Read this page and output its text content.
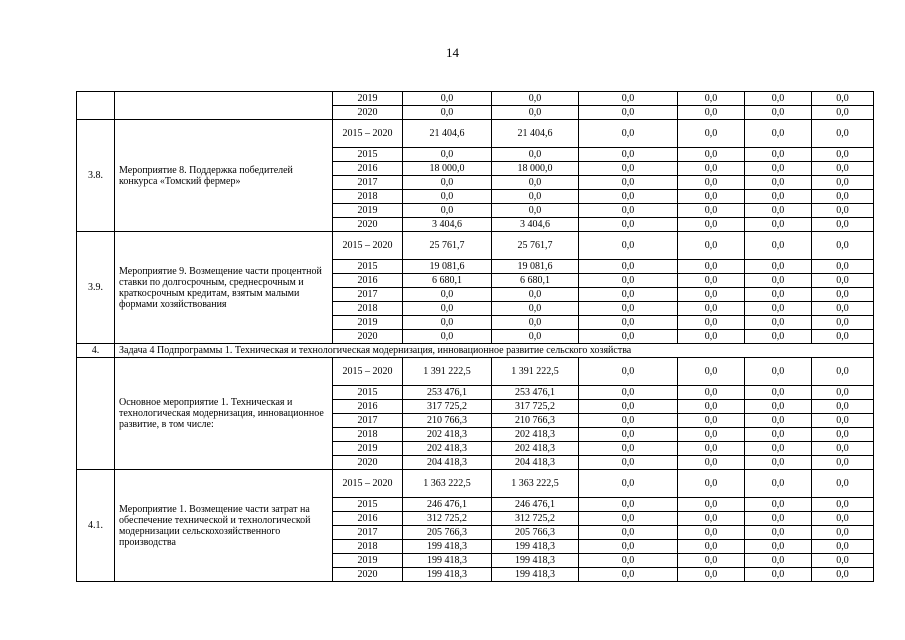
14
		2019	0,0	0,0	0,0	0,0	0,0	0,0
		2020	0,0	0,0	0,0	0,0	0,0	0,0
3.8.	Мероприятие 8. Поддержка победителей конкурса «Томский фермер»	2015 – 2020	21 404,6	21 404,6	0,0	0,0	0,0	0,0
		2015	0,0	0,0	0,0	0,0	0,0	0,0
		2016	18 000,0	18 000,0	0,0	0,0	0,0	0,0
		2017	0,0	0,0	0,0	0,0	0,0	0,0
		2018	0,0	0,0	0,0	0,0	0,0	0,0
		2019	0,0	0,0	0,0	0,0	0,0	0,0
		2020	3 404,6	3 404,6	0,0	0,0	0,0	0,0
3.9.	Мероприятие 9. Возмещение части процентной ставки по долгосрочным, среднесрочным и краткосрочным кредитам, взятым малыми формами хозяйствования	2015 – 2020	25 761,7	25 761,7	0,0	0,0	0,0	0,0
		2015	19 081,6	19 081,6	0,0	0,0	0,0	0,0
		2016	6 680,1	6 680,1	0,0	0,0	0,0	0,0
		2017	0,0	0,0	0,0	0,0	0,0	0,0
		2018	0,0	0,0	0,0	0,0	0,0	0,0
		2019	0,0	0,0	0,0	0,0	0,0	0,0
		2020	0,0	0,0	0,0	0,0	0,0	0,0
4.	Задача 4 Подпрограммы 1. Техническая и технологическая модернизация, инновационное развитие сельского хозяйства							
	Основное мероприятие 1. Техническая и технологическая модернизация, инновационное развитие, в том числе:	2015 – 2020	1 391 222,5	1 391 222,5	0,0	0,0	0,0	0,0
		2015	253 476,1	253 476,1	0,0	0,0	0,0	0,0
		2016	317 725,2	317 725,2	0,0	0,0	0,0	0,0
		2017	210 766,3	210 766,3	0,0	0,0	0,0	0,0
		2018	202 418,3	202 418,3	0,0	0,0	0,0	0,0
		2019	202 418,3	202 418,3	0,0	0,0	0,0	0,0
		2020	204 418,3	204 418,3	0,0	0,0	0,0	0,0
4.1.	Мероприятие 1. Возмещение части затрат на обеспечение технической и технологической модернизации сельскохозяйственного производства	2015 – 2020	1 363 222,5	1 363 222,5	0,0	0,0	0,0	0,0
		2015	246 476,1	246 476,1	0,0	0,0	0,0	0,0
		2016	312 725,2	312 725,2	0,0	0,0	0,0	0,0
		2017	205 766,3	205 766,3	0,0	0,0	0,0	0,0
		2018	199 418,3	199 418,3	0,0	0,0	0,0	0,0
		2019	199 418,3	199 418,3	0,0	0,0	0,0	0,0
		2020	199 418,3	199 418,3	0,0	0,0	0,0	0,0
